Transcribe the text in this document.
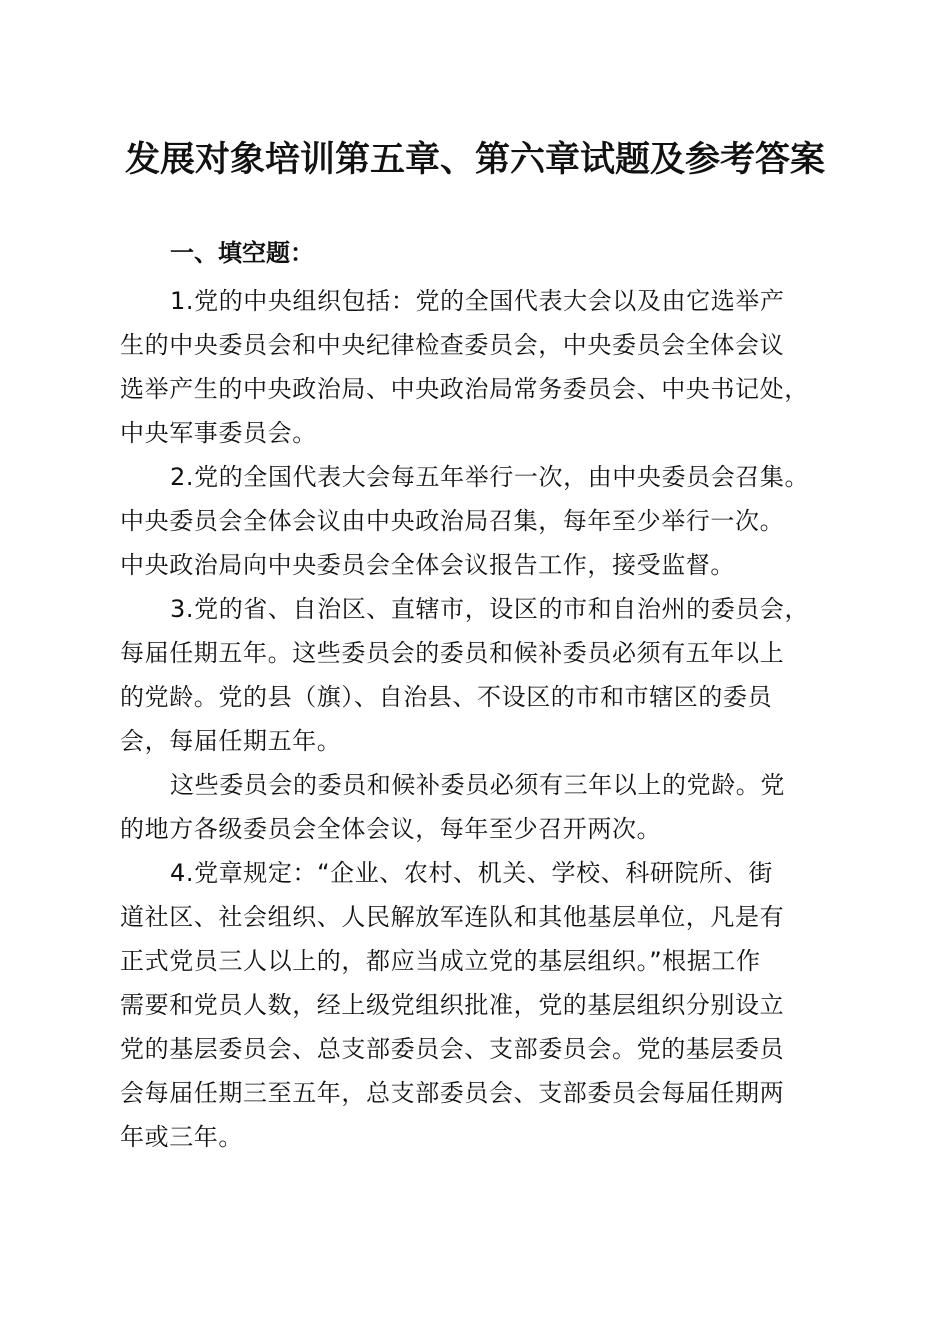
发展对象培训第五章、第六章试题及参考答案
一、填空题：
1.党的中央组织包括：党的全国代表大会以及由它选举产
生的中央委员会和中央纪律检查委员会，中央委员会全体会议
选举产生的中央政治局、中央政治局常务委员会、中央书记处，
中央军事委员会。
2.党的全国代表大会每五年举行一次，由中央委员会召集。
中央委员会全体会议由中央政治局召集，每年至少举行一次。
中央政治局向中央委员会全体会议报告工作，接受监督。
3.党的省、自治区、直辖市，设区的市和自治州的委员会，
每届任期五年。这些委员会的委员和候补委员必须有五年以上
的党龄。党的县（旗）、自治县、不设区的市和市辖区的委员
会，每届任期五年。
这些委员会的委员和候补委员必须有三年以上的党龄。党
的地方各级委员会全体会议，每年至少召开两次。
4.党章规定：“企业、农村、机关、学校、科研院所、街
道社区、社会组织、人民解放军连队和其他基层单位，凡是有
正式党员三人以上的，都应当成立党的基层组织。”根据工作
需要和党员人数，经上级党组织批准，党的基层组织分别设立
党的基层委员会、总支部委员会、支部委员会。党的基层委员
会每届任期三至五年，总支部委员会、支部委员会每届任期两
年或三年。
